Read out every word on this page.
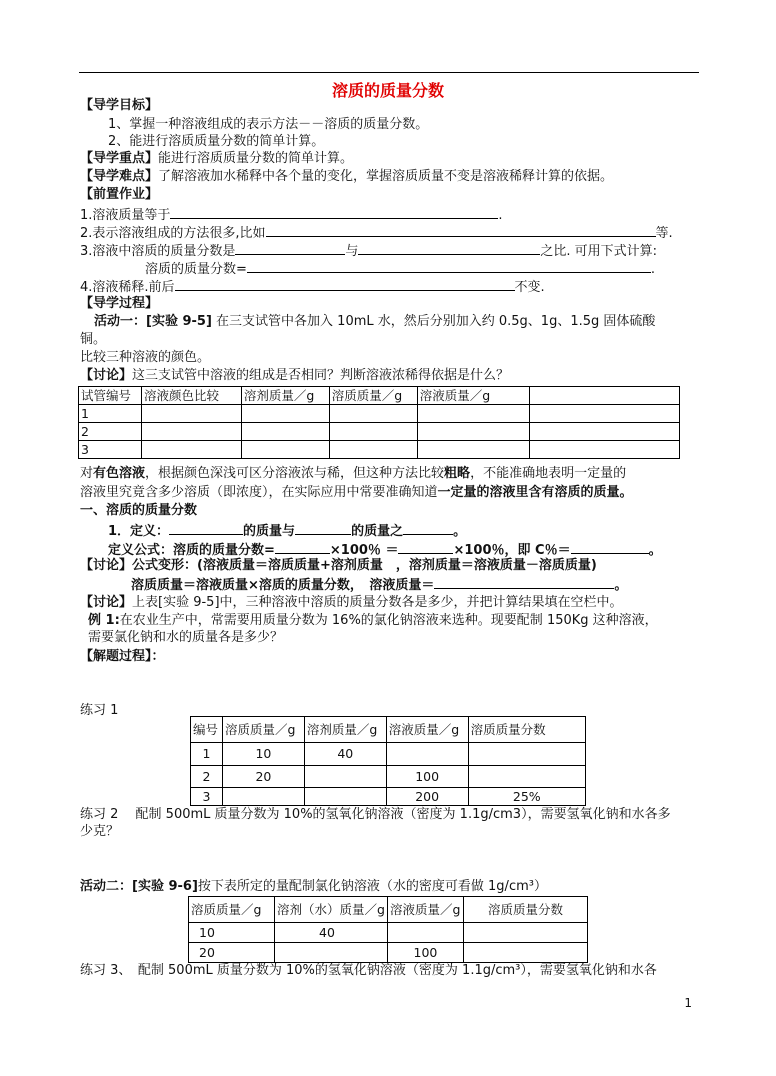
溶质的质量分数
【导学目标】
1、掌握一种溶液组成的表示方法－－溶质的质量分数。
2、能进行溶质质量分数的简单计算。
【导学重点】能进行溶质质量分数的简单计算。
【导学难点】了解溶液加水稀释中各个量的变化，掌握溶质质量不变是溶液稀释计算的依据。
【前置作业】
1.溶液质量等于	.
2.表示溶液组成的方法很多,比如	等.
3.溶液中溶质的质量分数是	与	之比. 可用下式计算:
溶质的质量分数=	.
4.溶液稀释.前后	不变.
【导学过程】
活动一：[实验 9-5] 在三支试管中各加入 10mL 水，然后分别加入约 0.5g、1g、1.5g 固体硫酸
铜。
比较三种溶液的颜色。
【讨论】这三支试管中溶液的组成是否相同？判断溶液浓稀得依据是什么？
试管编号	溶液颜色比较	溶剂质量／g	溶质质量／g	溶液质量／g	
1					
2					
3					
对有色溶液，根据颜色深浅可区分溶液浓与稀，但这种方法比较粗略，不能准确地表明一定量的
溶液里究竟含多少溶质（即浓度），在实际应用中常要准确知道一定量的溶液里含有溶质的质量。
一、溶质的质量分数
1．定义：	的质量与	的质量之	。
定义公式：溶质的质量分数=	×100％ ＝	×100％，即 C％＝	。
【讨论】公式变形：(溶液质量＝溶质质量+溶剂质量　，溶剂质量＝溶液质量－溶质质量)
溶质质量＝溶液质量×溶质的质量分数，　溶液质量＝	。
【讨论】上表[实验 9-5]中，三种溶液中溶质的质量分数各是多少，并把计算结果填在空栏中。
例 1:在农业生产中，常需要用质量分数为 16%的氯化钠溶液来选种。现要配制 150Kg 这种溶液，
需要氯化钠和水的质量各是多少？
【解题过程】：
练习 1
编号	溶质质量／g	溶剂质量／g	溶液质量／g	溶质质量分数
1	10	40		
2	20		100	
3			200	25%
练习 2　 配制 500mL 质量分数为 10%的氢氧化钠溶液（密度为 1.1g/cm3），需要氢氧化钠和水各多
少克？
活动二：[实验 9-6]按下表所定的量配制氯化钠溶液（水的密度可看做 1g/cm³）
溶质质量／g	溶剂（水）质量／g	溶液质量／g	溶质质量分数
10	40		
20		100	
练习 3、　配制 500mL 质量分数为 10%的氢氧化钠溶液（密度为 1.1g/cm³），需要氢氧化钠和水各
1
